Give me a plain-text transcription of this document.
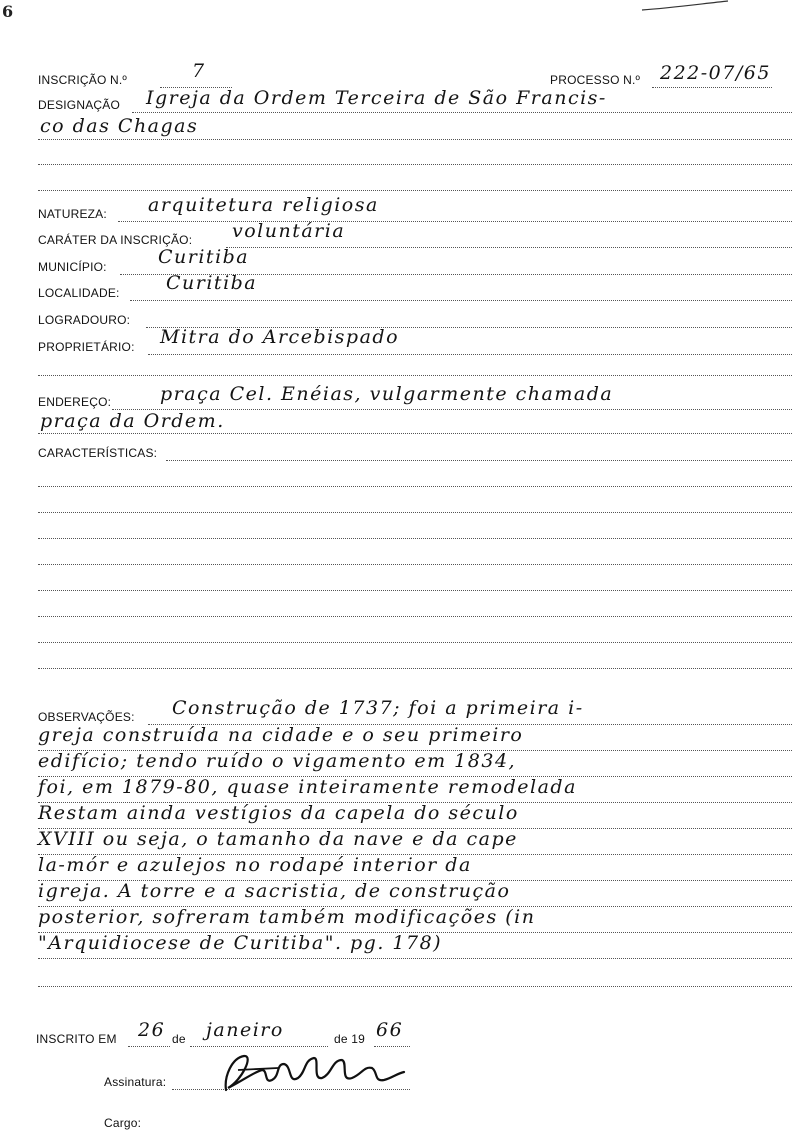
6
INSCRIÇÃO N.º	7	PROCESSO N.º 222-07/65
DESIGNAÇÃO Igreja da Ordem Terceira de São Francis-
co das Chagas
NATUREZA: arquitetura religiosa
CARÁTER DA INSCRIÇÃO: voluntária
MUNICÍPIO:	Curitiba
LOCALIDADE: Curitiba
LOGRADOURO:
PROPRIETÁRIO: Mitra do Arcebispado
ENDEREÇO:	praça Cel. Enéias, vulgarmente chamada
praça da Ordem.
CARACTERÍSTICAS:
OBSERVAÇÕES: Construção de 1737; foi a primeira i-
greja construída na cidade e o seu primeiro
edifício; tendo ruído o vigamento em 1834,
foi, em 1879-80, quase inteiramente remodelada
Restam ainda vestígios da capela do século
XVIII ou seja, o tamanho da nave e da cape
la-mór e azulejos no rodapé interior da
igreja. A torre e a sacristia, de construção
posterior, sofreram também modificações (in
"Arquidiocese de Curitiba". pg. 178)
INSCRITO EM 26 de janeiro	de 19 66
Assinatura:
Cargo:
